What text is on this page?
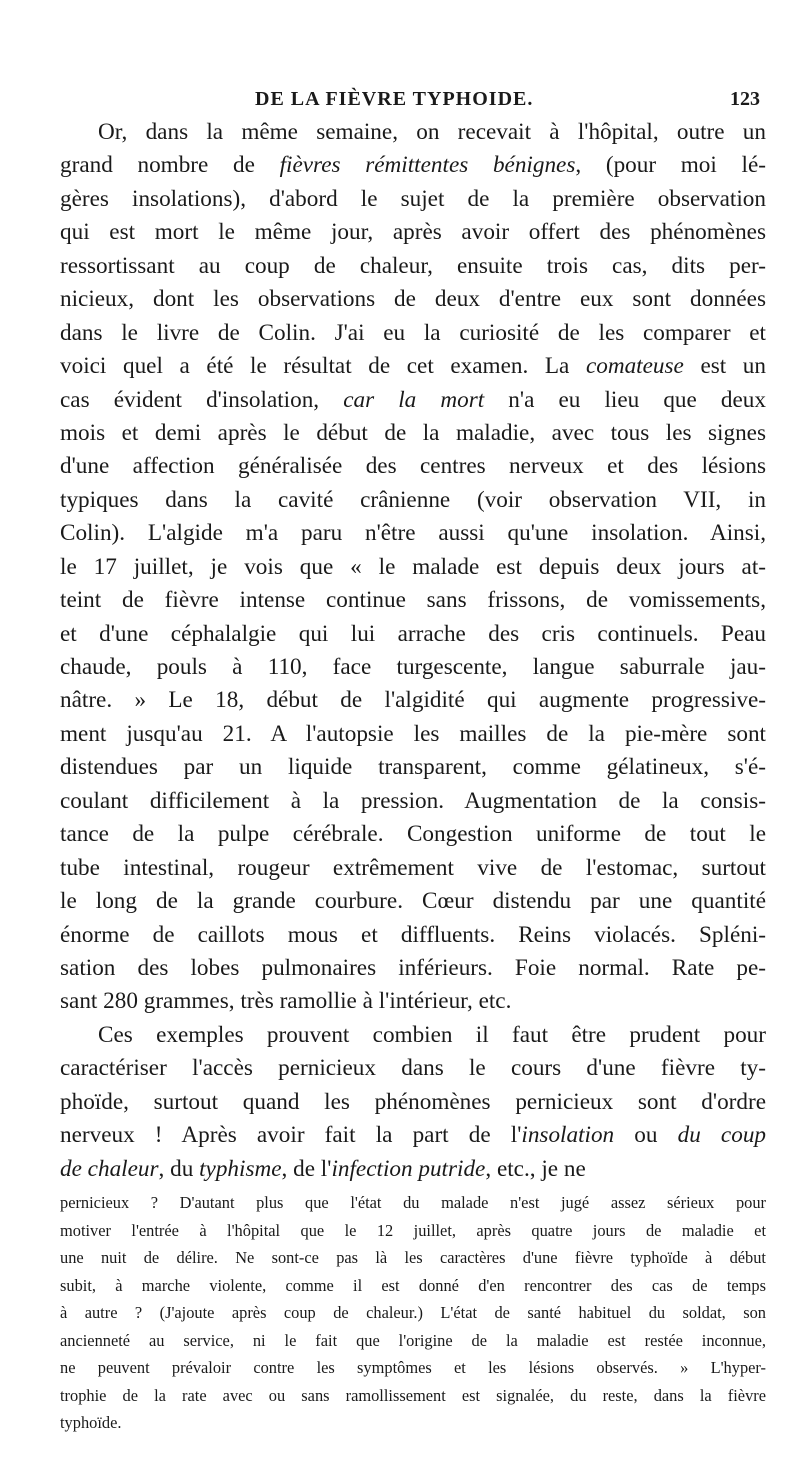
DE LA FIÈVRE TYPHOIDE.	123
Or, dans la même semaine, on recevait à l'hôpital, outre un
grand nombre de fièvres rémittentes bénignes, (pour moi lé-
gères insolations), d'abord le sujet de la première observation
qui est mort le même jour, après avoir offert des phénomènes
ressortissant au coup de chaleur, ensuite trois cas, dits per-
nicieux, dont les observations de deux d'entre eux sont données
dans le livre de Colin. J'ai eu la curiosité de les comparer et
voici quel a été le résultat de cet examen. La comateuse est un
cas évident d'insolation, car la mort n'a eu lieu que deux
mois et demi après le début de la maladie, avec tous les signes
d'une affection généralisée des centres nerveux et des lésions
typiques dans la cavité crânienne (voir observation VII, in
Colin). L'algide m'a paru n'être aussi qu'une insolation. Ainsi,
le 17 juillet, je vois que « le malade est depuis deux jours at-
teint de fièvre intense continue sans frissons, de vomissements,
et d'une céphalalgie qui lui arrache des cris continuels. Peau
chaude, pouls à 110, face turgescente, langue saburrale jau-
nâtre. » Le 18, début de l'algidité qui augmente progressive-
ment jusqu'au 21. A l'autopsie les mailles de la pie-mère sont
distendues par un liquide transparent, comme gélatineux, s'é-
coulant difficilement à la pression. Augmentation de la consis-
tance de la pulpe cérébrale. Congestion uniforme de tout le
tube intestinal, rougeur extrêmement vive de l'estomac, surtout
le long de la grande courbure. Cœur distendu par une quantité
énorme de caillots mous et diffluents. Reins violacés. Spléni-
sation des lobes pulmonaires inférieurs. Foie normal. Rate pe-
sant 280 grammes, très ramollie à l'intérieur, etc.
Ces exemples prouvent combien il faut être prudent pour
caractériser l'accès pernicieux dans le cours d'une fièvre ty-
phoïde, surtout quand les phénomènes pernicieux sont d'ordre
nerveux ! Après avoir fait la part de l'insolation ou du coup
de chaleur, du typhisme, de l'infection putride, etc., je ne
pernicieux ? D'autant plus que l'état du malade n'est jugé assez sérieux pour
motiver l'entrée à l'hôpital que le 12 juillet, après quatre jours de maladie et
une nuit de délire. Ne sont-ce pas là les caractères d'une fièvre typhoïde à début
subit, à marche violente, comme il est donné d'en rencontrer des cas de temps
à autre ? (J'ajoute après coup de chaleur.) L'état de santé habituel du soldat, son
ancienneté au service, ni le fait que l'origine de la maladie est restée inconnue,
ne peuvent prévaloir contre les symptômes et les lésions observés. » L'hyper-
trophie de la rate avec ou sans ramollissement est signalée, du reste, dans la fièvre
typhoïde.
